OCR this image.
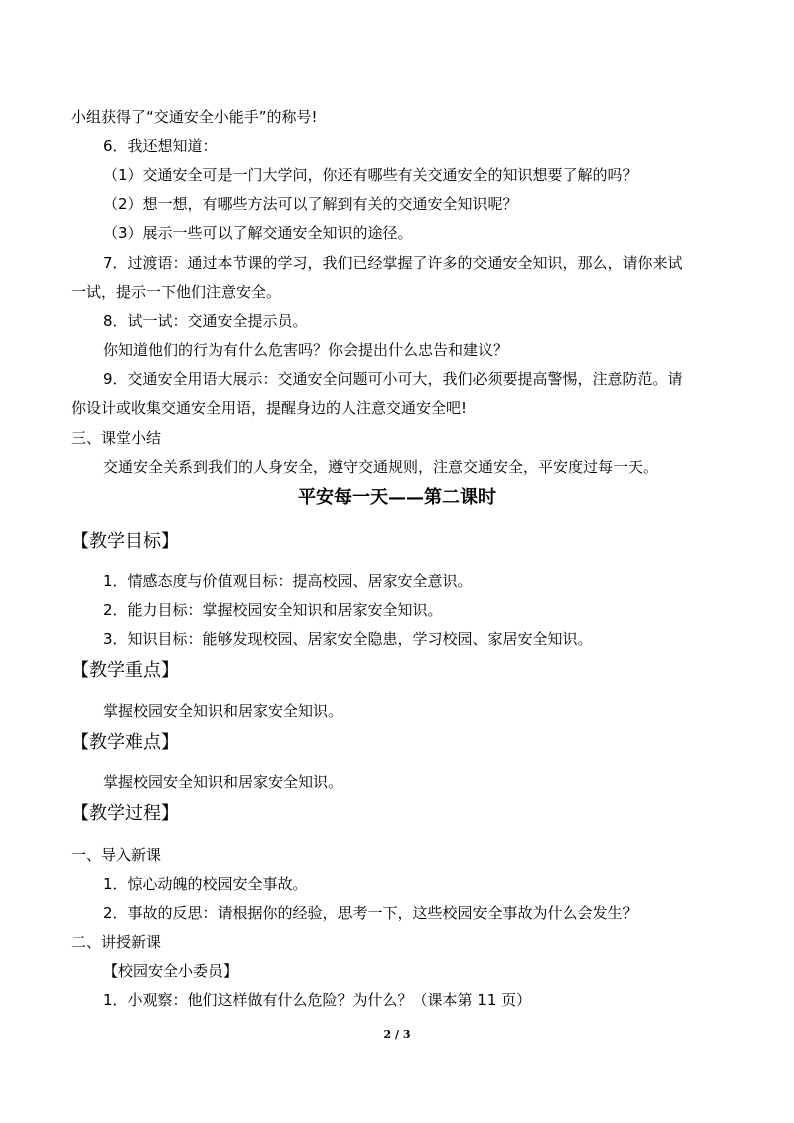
小组获得了“交通安全小能手”的称号!
6．我还想知道：
（1）交通安全可是一门大学问，你还有哪些有关交通安全的知识想要了解的吗？
（2）想一想，有哪些方法可以了解到有关的交通安全知识呢？
（3）展示一些可以了解交通安全知识的途径。
7．过渡语：通过本节课的学习，我们已经掌握了许多的交通安全知识，那么，请你来试
一试，提示一下他们注意安全。
8．试一试：交通安全提示员。
你知道他们的行为有什么危害吗？你会提出什么忠告和建议？
9．交通安全用语大展示：交通安全问题可小可大，我们必须要提高警惕，注意防范。请
你设计或收集交通安全用语，提醒身边的人注意交通安全吧!
三、课堂小结
交通安全关系到我们的人身安全，遵守交通规则，注意交通安全，平安度过每一天。
平安每一天——第二课时
【教学目标】
1．情感态度与价值观目标：提高校园、居家安全意识。
2．能力目标：掌握校园安全知识和居家安全知识。
3．知识目标：能够发现校园、居家安全隐患，学习校园、家居安全知识。
【教学重点】
掌握校园安全知识和居家安全知识。
【教学难点】
掌握校园安全知识和居家安全知识。
【教学过程】
一、导入新课
1．惊心动魄的校园安全事故。
2．事故的反思：请根据你的经验，思考一下，这些校园安全事故为什么会发生？
二、讲授新课
【校园安全小委员】
1．小观察：他们这样做有什么危险？为什么？（课本第 11 页）
2 / 3
